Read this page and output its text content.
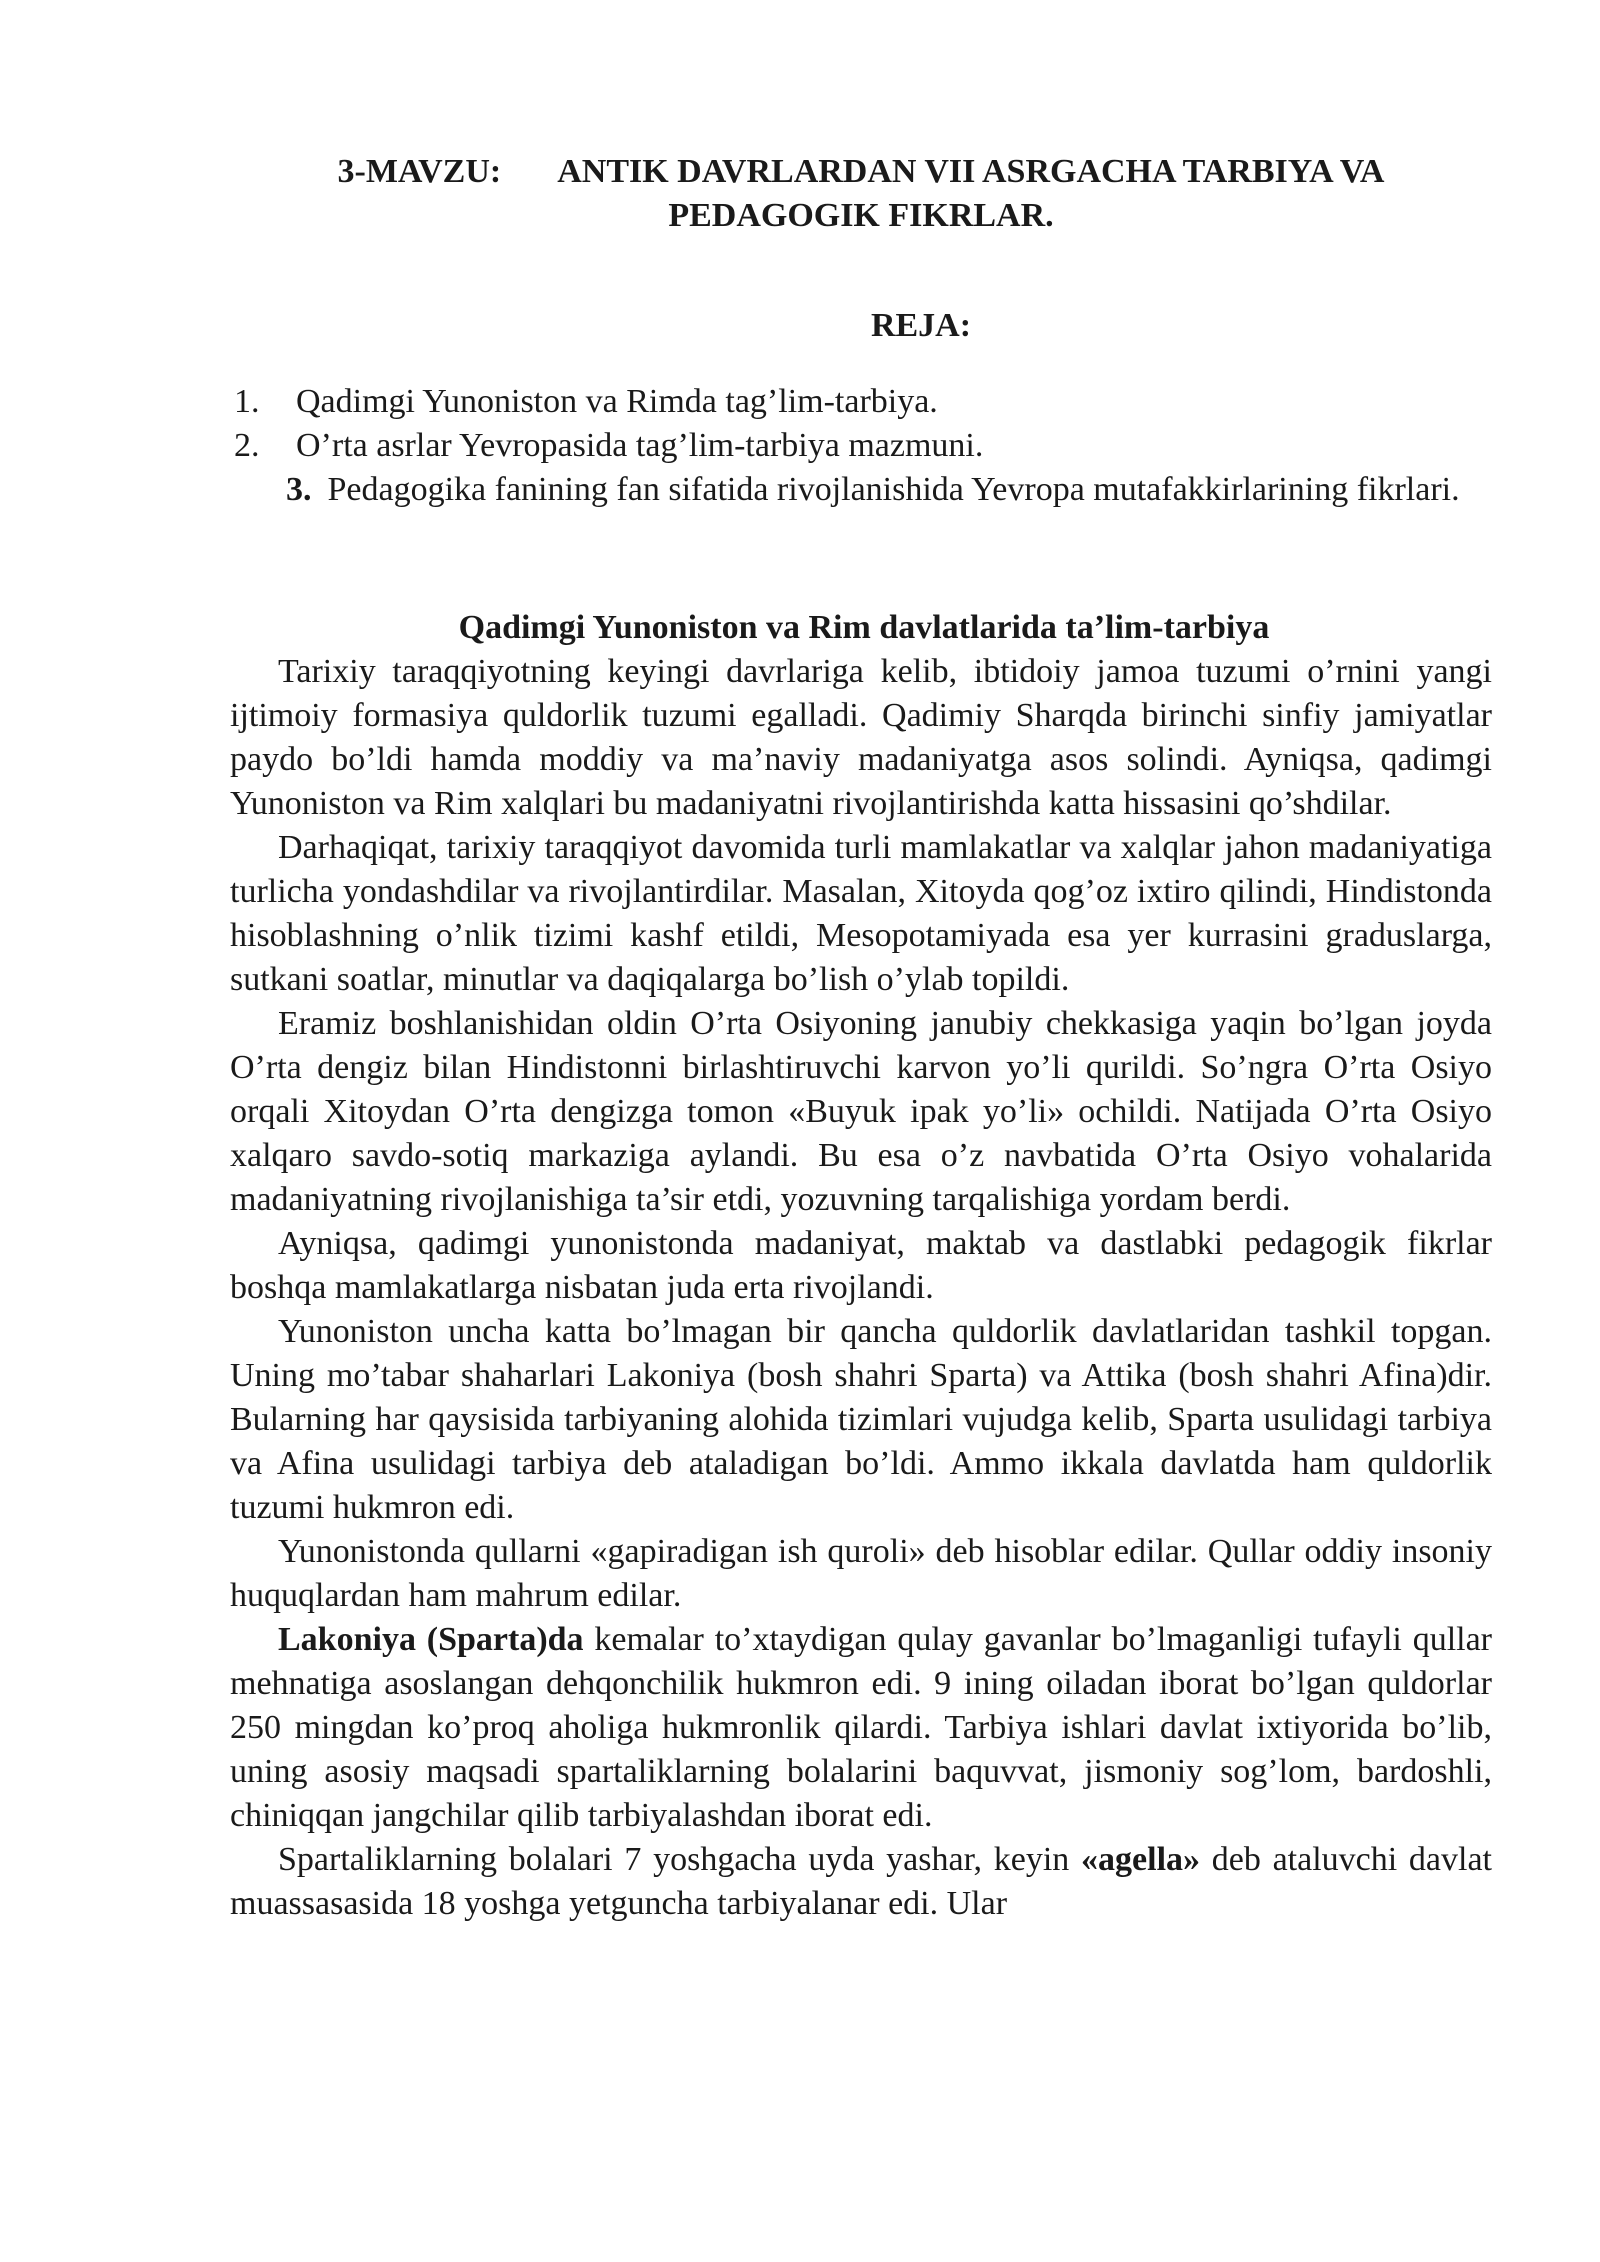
3-MAVZU: ANTIK DAVRLARDAN VII ASRGACHA TARBIYA VA PEDAGOGIK FIKRLAR.
REJA:
1. Qadimgi Yunoniston va Rimda tag’lim-tarbiya.
2. O’rta asrlar Yevropasida tag’lim-tarbiya mazmuni.
3. Pedagogika fanining fan sifatida rivojlanishida Yevropa mutafakkirlarining fikrlari.
Qadimgi Yunoniston va Rim davlatlarida ta’lim-tarbiya

Tarixiy taraqqiyotning keyingi davrlariga kelib, ibtidoiy jamoa tuzumi o’rnini yangi ijtimoiy formasiya quldorlik tuzumi egalladi. Qadimiy Sharqda birinchi sinfiy jamiyatlar paydo bo’ldi hamda moddiy va ma’naviy madaniyatga asos solindi. Ayniqsa, qadimgi Yunoniston va Rim xalqlari bu madaniyatni rivojlantirishda katta hissasini qo’shdilar.

Darhaqiqat, tarixiy taraqqiyot davomida turli mamlakatlar va xalqlar jahon madaniyatiga turlicha yondashdilar va rivojlantirdilar. Masalan, Xitoyda qog’oz ixtiro qilindi, Hindistonda hisoblashning o’nlik tizimi kashf etildi, Mesopotamiyada esa yer kurrasini graduslarga, sutkani soatlar, minutlar va daqiqalarga bo’lish o’ylab topildi.

Eramiz boshlanishidan oldin O’rta Osiyoning janubiy chekkasiga yaqin bo’lgan joyda O’rta dengiz bilan Hindistonni birlashtiruvchi karvon yo’li qurildi. So’ngra O’rta Osiyo orqali Xitoydan O’rta dengizga tomon «Buyuk ipak yo’li» ochildi. Natijada O’rta Osiyo xalqaro savdo-sotiq markaziga aylandi. Bu esa o’z navbatida O’rta Osiyo vohalarida madaniyatning rivojlanishiga ta’sir etdi, yozuvning tarqalishiga yordam berdi.

Ayniqsa, qadimgi yunonistonda madaniyat, maktab va dastlabki pedagogik fikrlar boshqa mamlakatlarga nisbatan juda erta rivojlandi.

Yunoniston uncha katta bo’lmagan bir qancha quldorlik davlatlaridan tashkil topgan. Uning mo’tabar shaharlari Lakoniya (bosh shahri Sparta) va Attika (bosh shahri Afina)dir. Bularning har qaysisida tarbiyaning alohida tizimlari vujudga kelib, Sparta usulidagi tarbiya va Afina usulidagi tarbiya deb ataladigan bo’ldi. Ammo ikkala davlatda ham quldorlik tuzumi hukmron edi.

Yunonistonda qullarni «gapiradigan ish quroli» deb hisoblar edilar. Qullar oddiy insoniy huquqlardan ham mahrum edilar.

Lakoniya (Sparta)da kemalar to’xtaydigan qulay gavanlar bo’lmaganligi tufayli qullar mehnatiga asoslangan dehqonchilik hukmron edi. 9 ining oiladan iborat bo’lgan quldorlar 250 mingdan ko’proq aholiga hukmronlik qilardi. Tarbiya ishlari davlat ixtiyorida bo’lib, uning asosiy maqsadi spartaliklarning bolalarini baquvvat, jismoniy sog’lom, bardoshli, chiniqqan jangchilar qilib tarbiyalashdan iborat edi.

Spartaliklarning bolalari 7 yoshgacha uyda yashar, keyin «agella» deb ataluvchi davlat muassasasida 18 yoshga yetguncha tarbiyalanar edi. Ular
